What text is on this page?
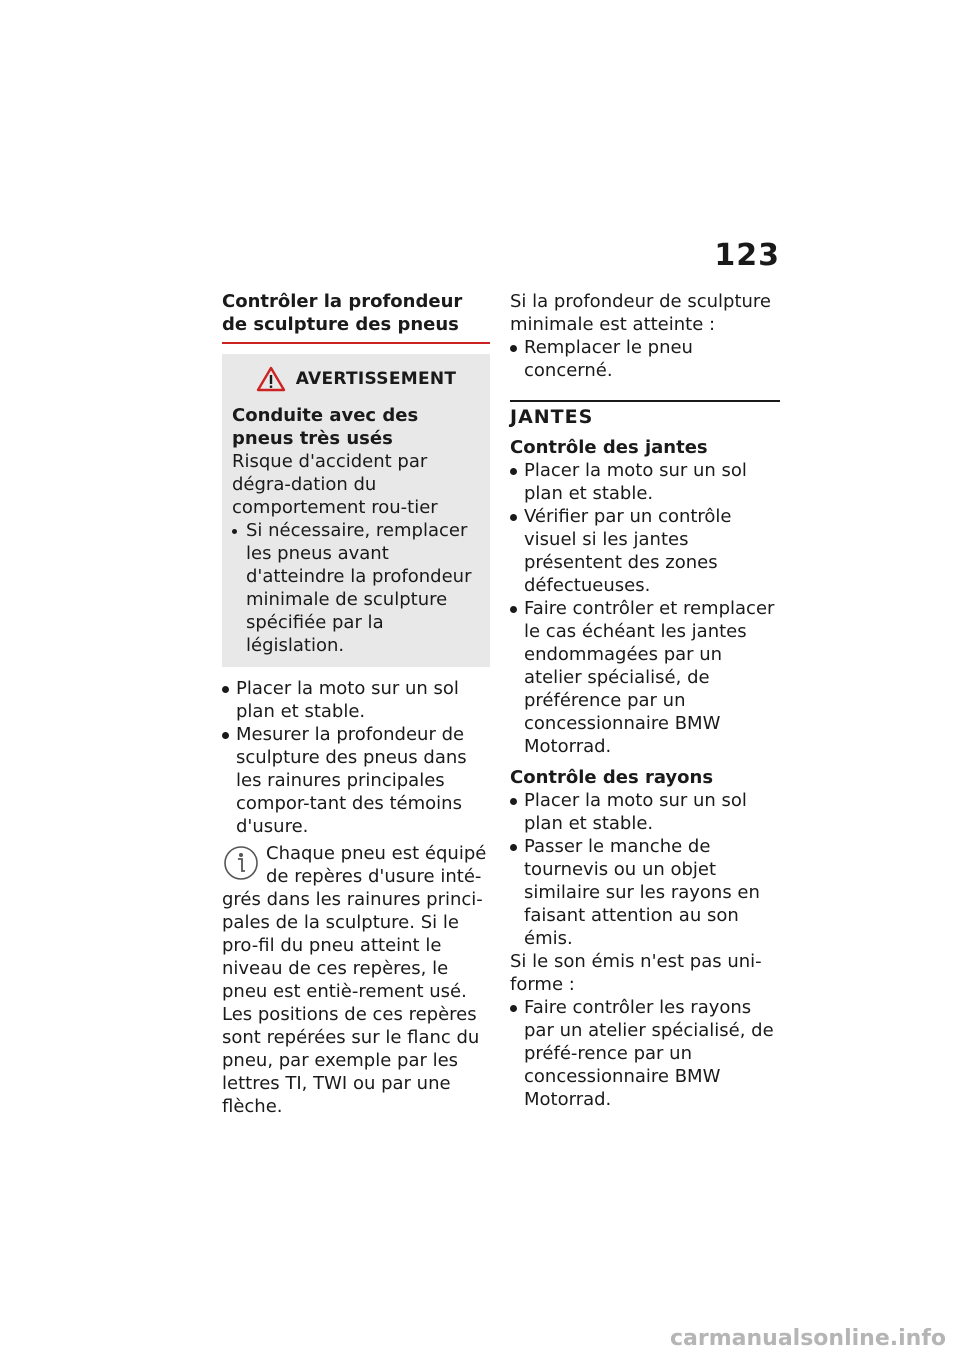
123
Contrôler la profondeur de sculpture des pneus
AVERTISSEMENT
Conduite avec des pneus très usés
Risque d'accident par dégra-dation du comportement rou-tier
Si nécessaire, remplacer les pneus avant d'atteindre la profondeur minimale de sculpture spécifiée par la législation.
Placer la moto sur un sol plan et stable.
Mesurer la profondeur de sculpture des pneus dans les rainures principales compor-tant des témoins d'usure.
Chaque pneu est équipé de repères d'usure inté-
grés dans les rainures princi-pales de la sculpture. Si le pro-fil du pneu atteint le niveau de ces repères, le pneu est entiè-rement usé. Les positions de ces repères sont repérées sur le flanc du pneu, par exemple par les lettres TI, TWI ou par une flèche.
Si la profondeur de sculpture minimale est atteinte :
Remplacer le pneu concerné.
JANTES
Contrôle des jantes
Placer la moto sur un sol plan et stable.
Vérifier par un contrôle visuel si les jantes présentent des zones défectueuses.
Faire contrôler et remplacer le cas échéant les jantes endommagées par un atelier spécialisé, de préférence par un concessionnaire BMW Motorrad.
Contrôle des rayons
Placer la moto sur un sol plan et stable.
Passer le manche de tournevis ou un objet similaire sur les rayons en faisant attention au son émis.
Si le son émis n'est pas uni-forme :
Faire contrôler les rayons par un atelier spécialisé, de préfé-rence par un concessionnaire BMW Motorrad.
carmanualsonline.info
